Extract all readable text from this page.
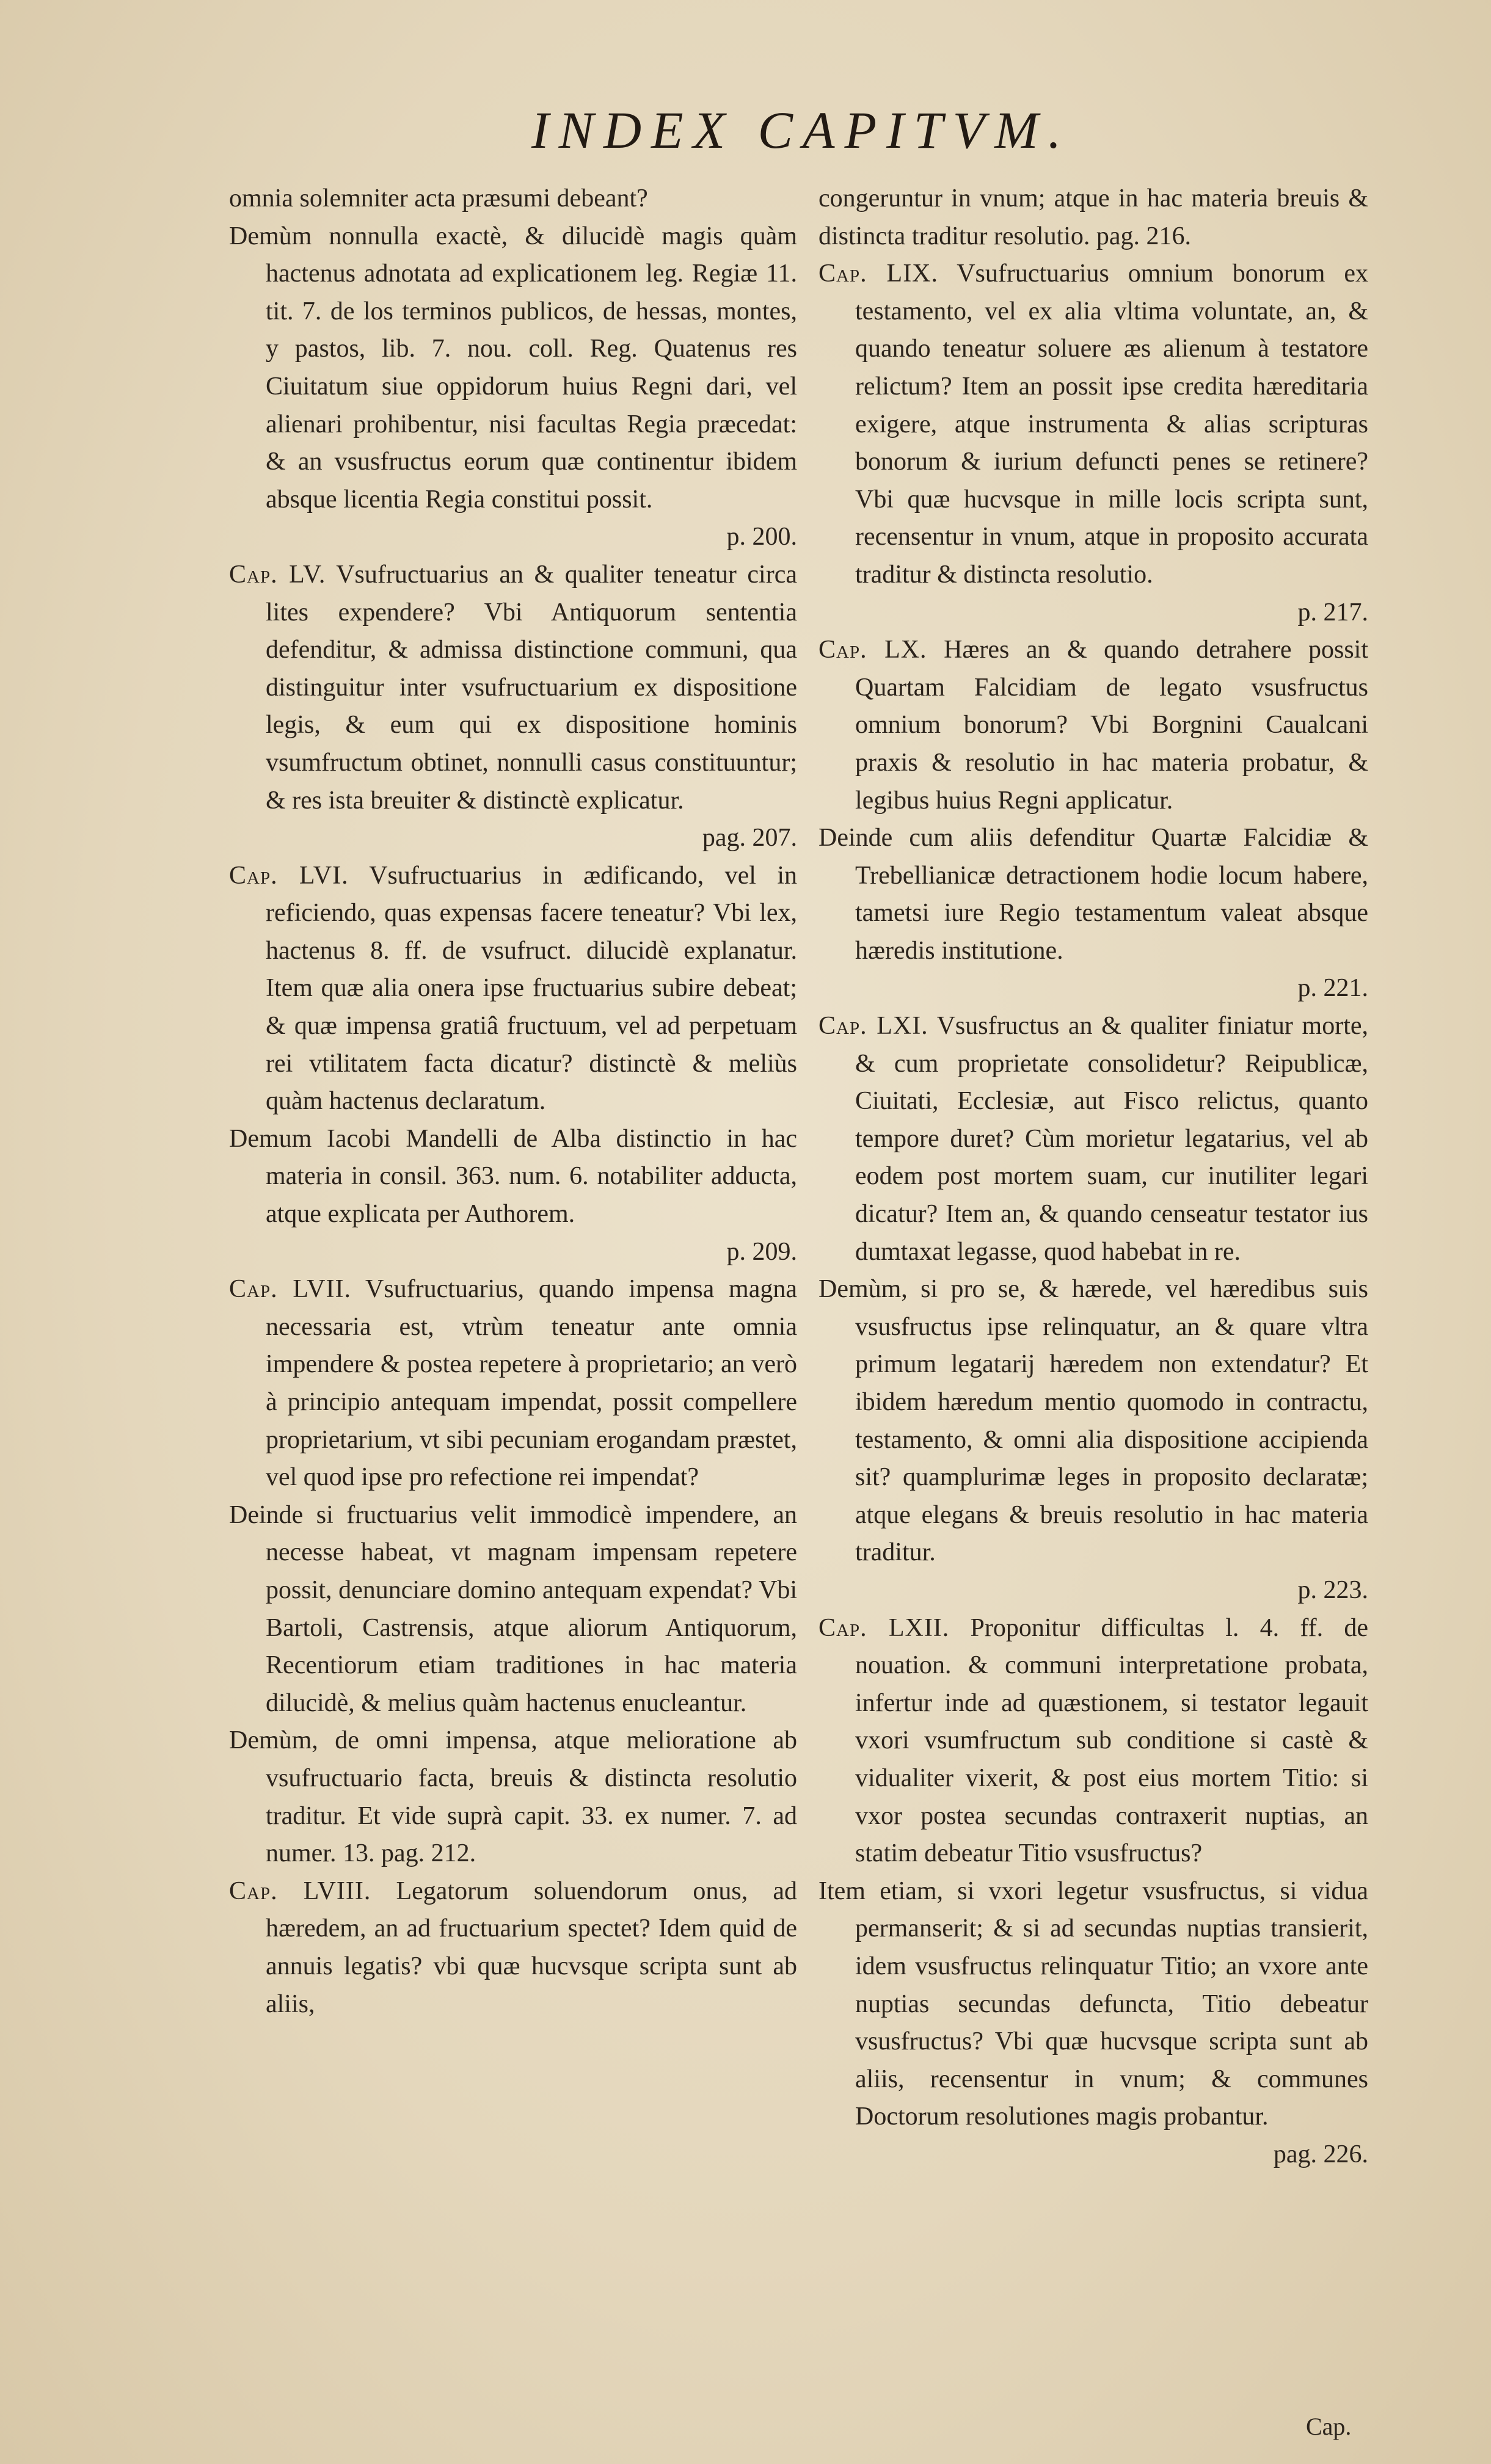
INDEX CAPITVM.

omnia solemniter acta præsumi debeant?

Demùm nonnulla exactè, & dilucidè magis quàm hactenus adnotata ad explicationem leg. Regiæ 11. tit. 7. de los terminos publicos, de hessas, montes, y pastos, lib. 7. nou. coll. Reg. Quatenus res Ciuitatum siue oppidorum huius Regni dari, vel alienari prohibentur, nisi facultas Regia præcedat: & an vsusfructus eorum quæ continentur ibidem absque licentia Regia constitui possit.
p. 200.

Cap. LV. Vsufructuarius an & qualiter teneatur circa lites expendere? Vbi Antiquorum sententia defenditur, & admissa distinctione communi, qua distinguitur inter vsufructuarium ex dispositione legis, & eum qui ex dispositione hominis vsumfructum obtinet, nonnulli casus constituuntur; & res ista breuiter & distinctè explicatur.
pag. 207.

Cap. LVI. Vsufructuarius in ædificando, vel in reficiendo, quas expensas facere teneatur? Vbi lex, hactenus 8. ff. de vsufruct. dilucidè explanatur. Item quæ alia onera ipse fructuarius subire debeat; & quæ impensa gratiâ fructuum, vel ad perpetuam rei vtilitatem facta dicatur? distinctè & meliùs quàm hactenus declaratum.

Demum Iacobi Mandelli de Alba distinctio in hac materia in consil. 363. num. 6. notabiliter adducta, atque explicata per Authorem.
p. 209.

Cap. LVII. Vsufructuarius, quando impensa magna necessaria est, vtrùm teneatur ante omnia impendere & postea repetere à proprietario; an verò à principio antequam impendat, possit compellere proprietarium, vt sibi pecuniam erogandam præstet, vel quod ipse pro refectione rei impendat?

Deinde si fructuarius velit immodicè impendere, an necesse habeat, vt magnam impensam repetere possit, denunciare domino antequam expendat? Vbi Bartoli, Castrensis, atque aliorum Antiquorum, Recentiorum etiam traditiones in hac materia dilucidè, & melius quàm hactenus enucleantur.

Demùm, de omni impensa, atque melioratione ab vsufructuario facta, breuis & distincta resolutio traditur. Et vide suprà capit. 33. ex numer. 7. ad numer. 13. pag. 212.

Cap. LVIII. Legatorum soluendorum onus, ad hæredem, an ad fructuarium spectet? Idem quid de annuis legatis? vbi quæ hucvsque scripta sunt ab aliis,

congeruntur in vnum; atque in hac materia breuis & distincta traditur resolutio. pag. 216.

Cap. LIX. Vsufructuarius omnium bonorum ex testamento, vel ex alia vltima voluntate, an, & quando teneatur soluere æs alienum à testatore relictum? Item an possit ipse credita hæreditaria exigere, atque instrumenta & alias scripturas bonorum & iurium defuncti penes se retinere? Vbi quæ hucvsque in mille locis scripta sunt, recensentur in vnum, atque in proposito accurata traditur & distincta resolutio.
p. 217.

Cap. LX. Hæres an & quando detrahere possit Quartam Falcidiam de legato vsusfructus omnium bonorum? Vbi Borgnini Caualcani praxis & resolutio in hac materia probatur, & legibus huius Regni applicatur.

Deinde cum aliis defenditur Quartæ Falcidiæ & Trebellianicæ detractionem hodie locum habere, tametsi iure Regio testamentum valeat absque hæredis institutione.
p. 221.

Cap. LXI. Vsusfructus an & qualiter finiatur morte, & cum proprietate consolidetur? Reipublicæ, Ciuitati, Ecclesiæ, aut Fisco relictus, quanto tempore duret? Cùm morietur legatarius, vel ab eodem post mortem suam, cur inutiliter legari dicatur? Item an, & quando censeatur testator ius dumtaxat legasse, quod habebat in re.

Demùm, si pro se, & hærede, vel hæredibus suis vsusfructus ipse relinquatur, an & quare vltra primum legatarij hæredem non extendatur? Et ibidem hæredum mentio quomodo in contractu, testamento, & omni alia dispositione accipienda sit? quamplurimæ leges in proposito declaratæ; atque elegans & breuis resolutio in hac materia traditur.
p. 223.

Cap. LXII. Proponitur difficultas l. 4. ff. de nouation. & communi interpretatione probata, infertur inde ad quæstionem, si testator legauit vxori vsumfructum sub conditione si castè & vidualiter vixerit, & post eius mortem Titio: si vxor postea secundas contraxerit nuptias, an statim debeatur Titio vsusfructus?

Item etiam, si vxori legetur vsusfructus, si vidua permanserit; & si ad secundas nuptias transierit, idem vsusfructus relinquatur Titio; an vxore ante nuptias secundas defuncta, Titio debeatur vsusfructus? Vbi quæ hucvsque scripta sunt ab aliis, recensentur in vnum; & communes Doctorum resolutiones magis probantur.
pag. 226.

Cap.
